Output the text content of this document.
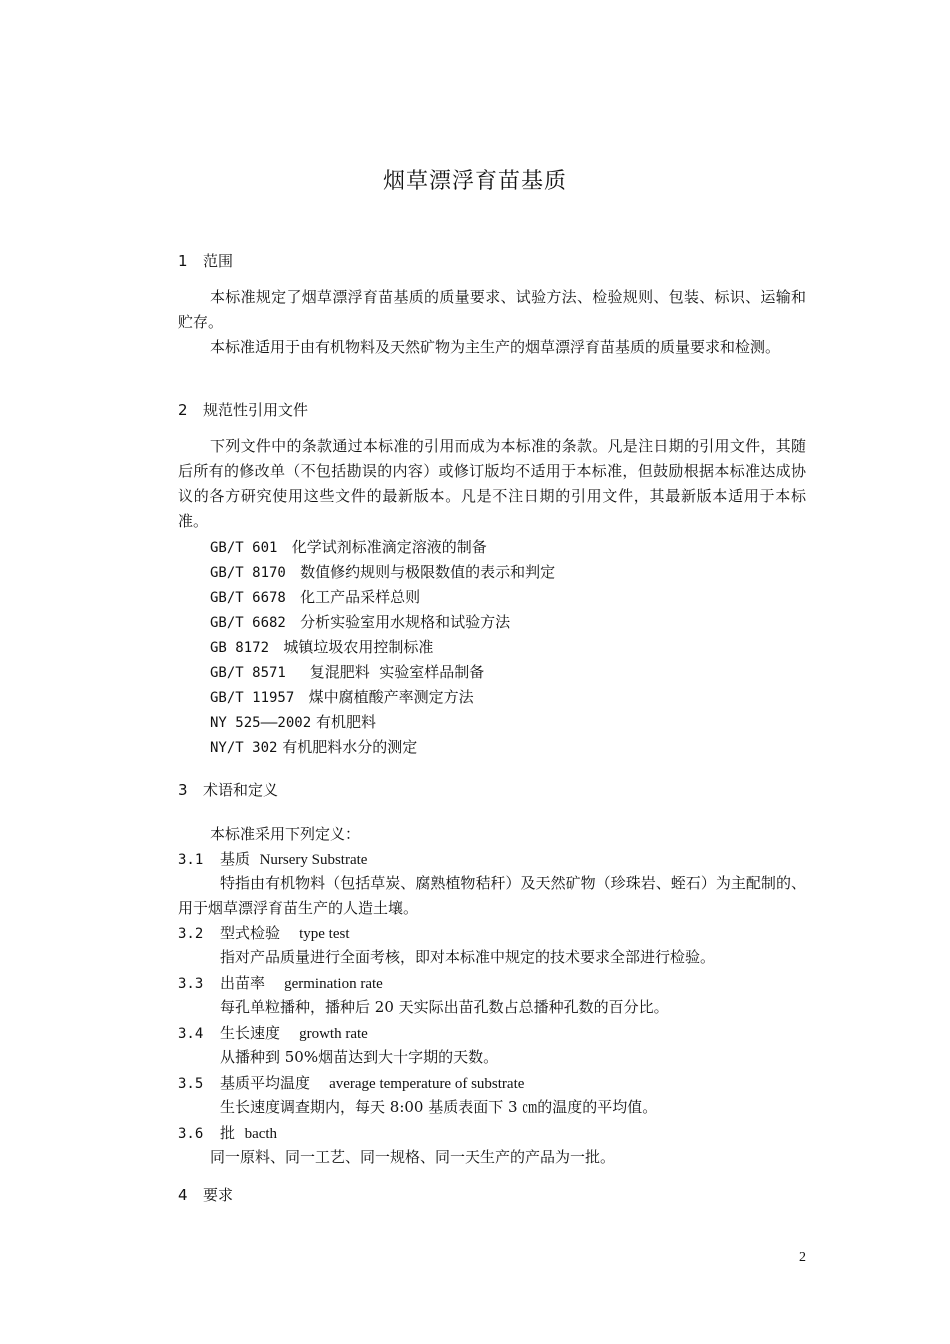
烟草漂浮育苗基质
1 范围
本标准规定了烟草漂浮育苗基质的质量要求、试验方法、检验规则、包装、标识、运输和贮存。
本标准适用于由有机物料及天然矿物为主生产的烟草漂浮育苗基质的质量要求和检测。
2 规范性引用文件
下列文件中的条款通过本标准的引用而成为本标准的条款。凡是注日期的引用文件，其随后所有的修改单（不包括勘误的内容）或修订版均不适用于本标准，但鼓励根据本标准达成协议的各方研究使用这些文件的最新版本。凡是不注日期的引用文件，其最新版本适用于本标准。
GB/T 601 化学试剂标准滴定溶液的制备
GB/T 8170 数值修约规则与极限数值的表示和判定
GB/T 6678 化工产品采样总则
GB/T 6682 分析实验室用水规格和试验方法
GB 8172 城镇垃圾农用控制标准
GB/T 8571 复混肥料  实验室样品制备
GB/T 11957 煤中腐植酸产率测定方法
NY 525——2002 有机肥料
NY/T 302 有机肥料水分的测定
3 术语和定义
本标准采用下列定义：
3.1 基质 Nursery Substrate
特指由有机物料（包括草炭、腐熟植物秸秆）及天然矿物（珍珠岩、蛭石）为主配制的、用于烟草漂浮育苗生产的人造土壤。
3.2 型式检验 type test
指对产品质量进行全面考核，即对本标准中规定的技术要求全部进行检验。
3.3 出苗率 germination rate
每孔单粒播种，播种后 20 天实际出苗孔数占总播种孔数的百分比。
3.4 生长速度 growth rate
从播种到 50%烟苗达到大十字期的天数。
3.5 基质平均温度 average temperature of substrate
生长速度调查期内，每天 8:00 基质表面下 3 ㎝的温度的平均值。
3.6 批 bacth
同一原料、同一工艺、同一规格、同一天生产的产品为一批。
4 要求
2
